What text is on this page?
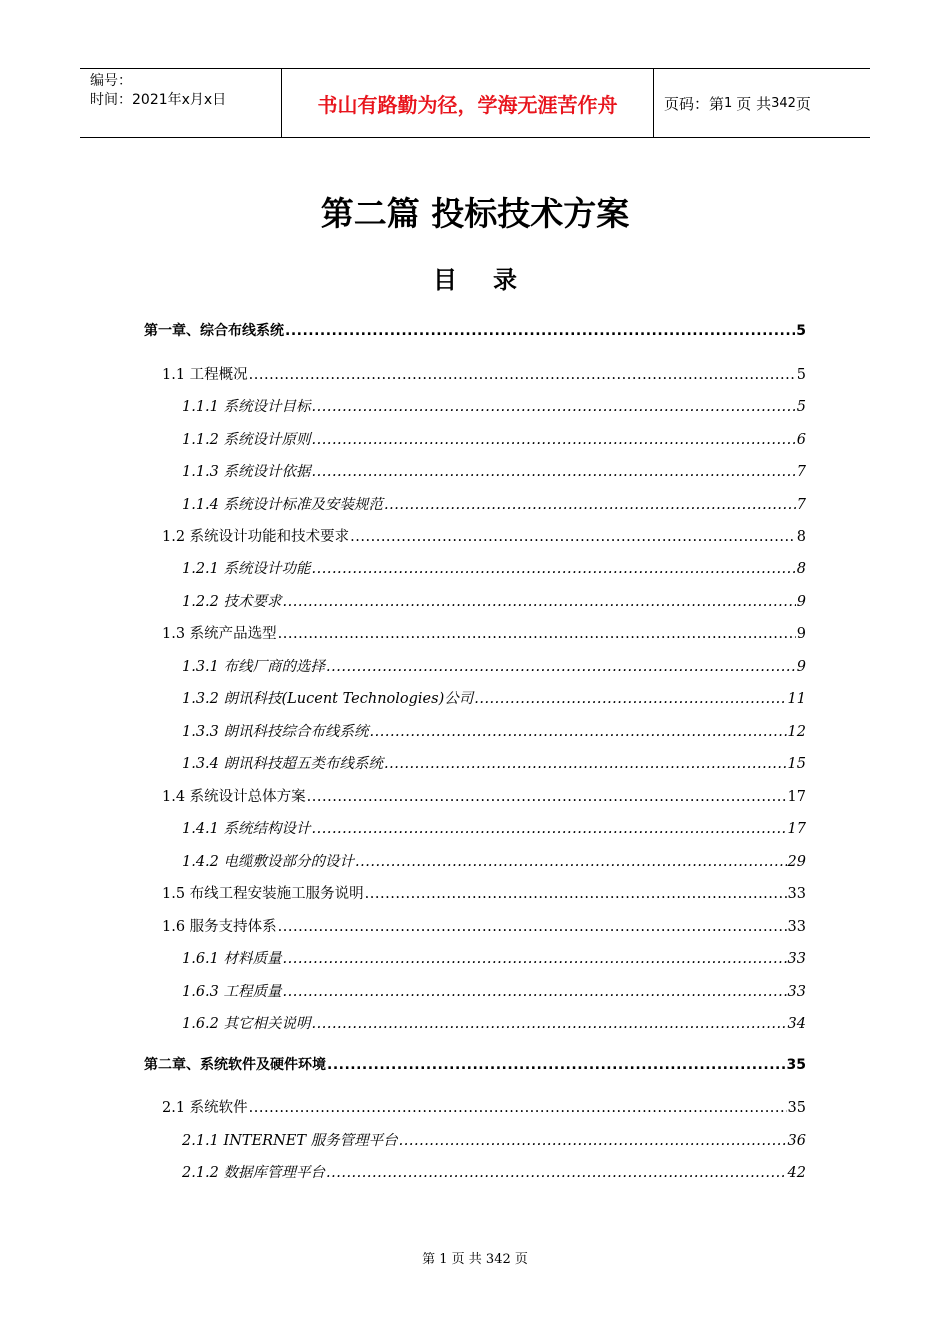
编号：
时间：2021年x月x日	书山有路勤为径，学海无涯苦作舟	页码：第 1 页 共 342 页
第二篇 投标技术方案
目录
第一章、综合布线系统 .....	5
1.1 工程概况 .....	5
1.1.1 系统设计目标 .....	5
1.1.2 系统设计原则 .....	6
1.1.3 系统设计依据 .....	7
1.1.4 系统设计标准及安装规范 .....	7
1.2 系统设计功能和技术要求 .....	8
1.2.1 系统设计功能 .....	8
1.2.2 技术要求 .....	9
1.3 系统产品选型 .....	9
1.3.1 布线厂商的选择 .....	9
1.3.2 朗讯科技(Lucent Technologies)公司 .....	11
1.3.3 朗讯科技综合布线系统 .....	12
1.3.4 朗讯科技超五类布线系统 .....	15
1.4 系统设计总体方案 .....	17
1.4.1 系统结构设计 .....	17
1.4.2 电缆敷设部分的设计 .....	29
1.5 布线工程安装施工服务说明 .....	33
1.6 服务支持体系 .....	33
1.6.1 材料质量 .....	33
1.6.3 工程质量 .....	33
1.6.2 其它相关说明 .....	34
第二章、系统软件及硬件环境 .....	35
2.1 系统软件 .....	35
2.1.1 INTERNET 服务管理平台 .....	36
2.1.2 数据库管理平台 .....	42
第 1 页 共 342 页
